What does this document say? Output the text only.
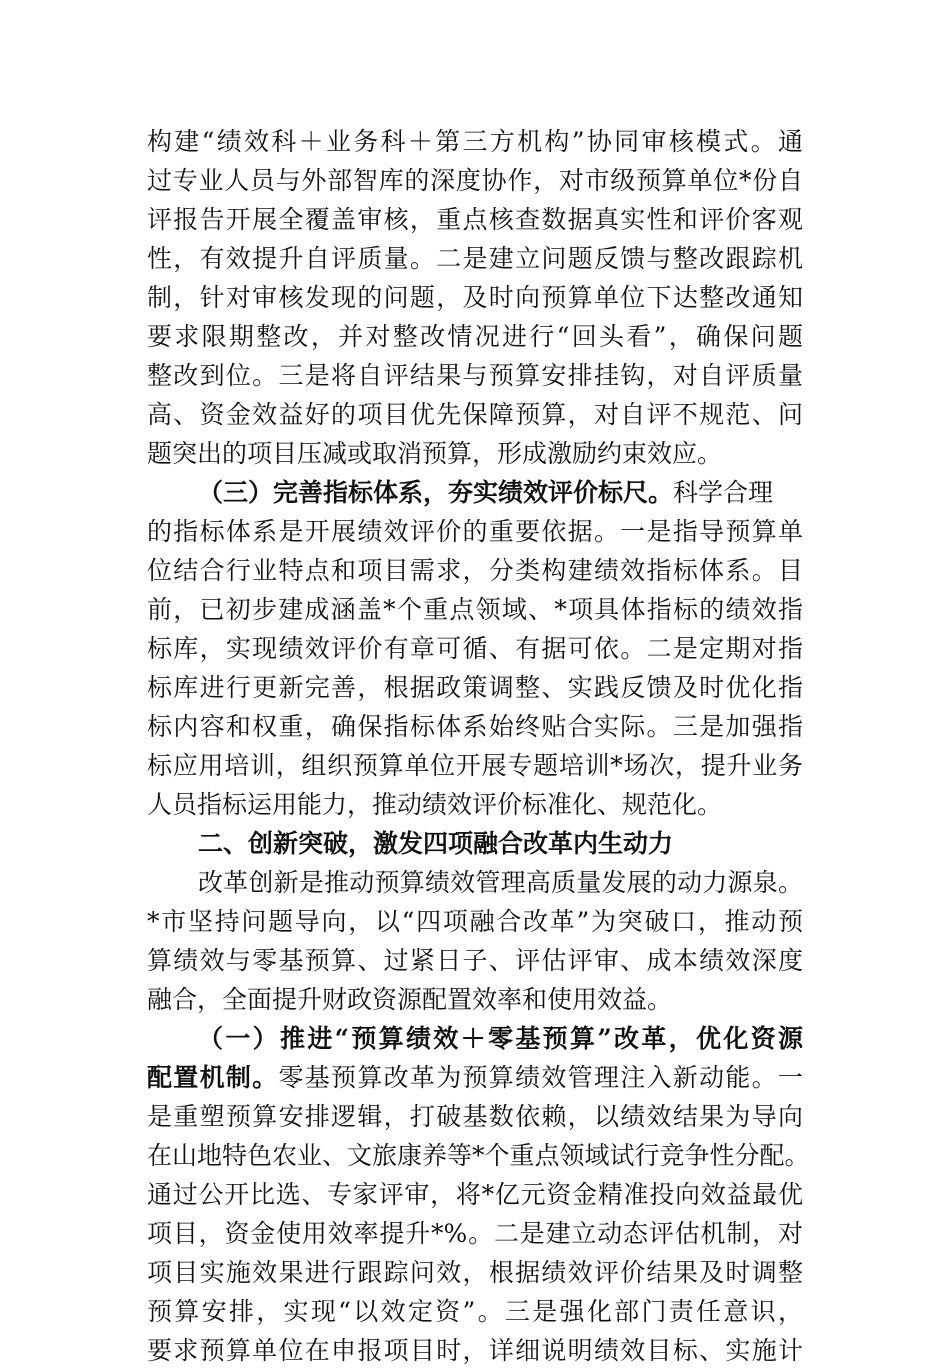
构建“绩效科＋业务科＋第三方机构”协同审核模式。通
过专业人员与外部智库的深度协作，对市级预算单位*份自
评报告开展全覆盖审核，重点核查数据真实性和评价客观
性，有效提升自评质量。二是建立问题反馈与整改跟踪机
制，针对审核发现的问题，及时向预算单位下达整改通知
要求限期整改，并对整改情况进行“回头看”，确保问题
整改到位。三是将自评结果与预算安排挂钩，对自评质量
高、资金效益好的项目优先保障预算，对自评不规范、问
题突出的项目压减或取消预算，形成激励约束效应。
（三）完善指标体系，夯实绩效评价标尺。科学合理
的指标体系是开展绩效评价的重要依据。一是指导预算单
位结合行业特点和项目需求，分类构建绩效指标体系。目
前，已初步建成涵盖*个重点领域、*项具体指标的绩效指
标库，实现绩效评价有章可循、有据可依。二是定期对指
标库进行更新完善，根据政策调整、实践反馈及时优化指
标内容和权重，确保指标体系始终贴合实际。三是加强指
标应用培训，组织预算单位开展专题培训*场次，提升业务
人员指标运用能力，推动绩效评价标准化、规范化。
二、创新突破，激发四项融合改革内生动力
改革创新是推动预算绩效管理高质量发展的动力源泉。
*市坚持问题导向，以“四项融合改革”为突破口，推动预
算绩效与零基预算、过紧日子、评估评审、成本绩效深度
融合，全面提升财政资源配置效率和使用效益。
（一）推进“预算绩效＋零基预算”改革，优化资源
配置机制。零基预算改革为预算绩效管理注入新动能。一
是重塑预算安排逻辑，打破基数依赖，以绩效结果为导向
在山地特色农业、文旅康养等*个重点领域试行竞争性分配。
通过公开比选、专家评审，将*亿元资金精准投向效益最优
项目，资金使用效率提升*%。二是建立动态评估机制，对
项目实施效果进行跟踪问效，根据绩效评价结果及时调整
预算安排，实现“以效定资”。三是强化部门责任意识，
要求预算单位在申报项目时，详细说明绩效目标、实施计
